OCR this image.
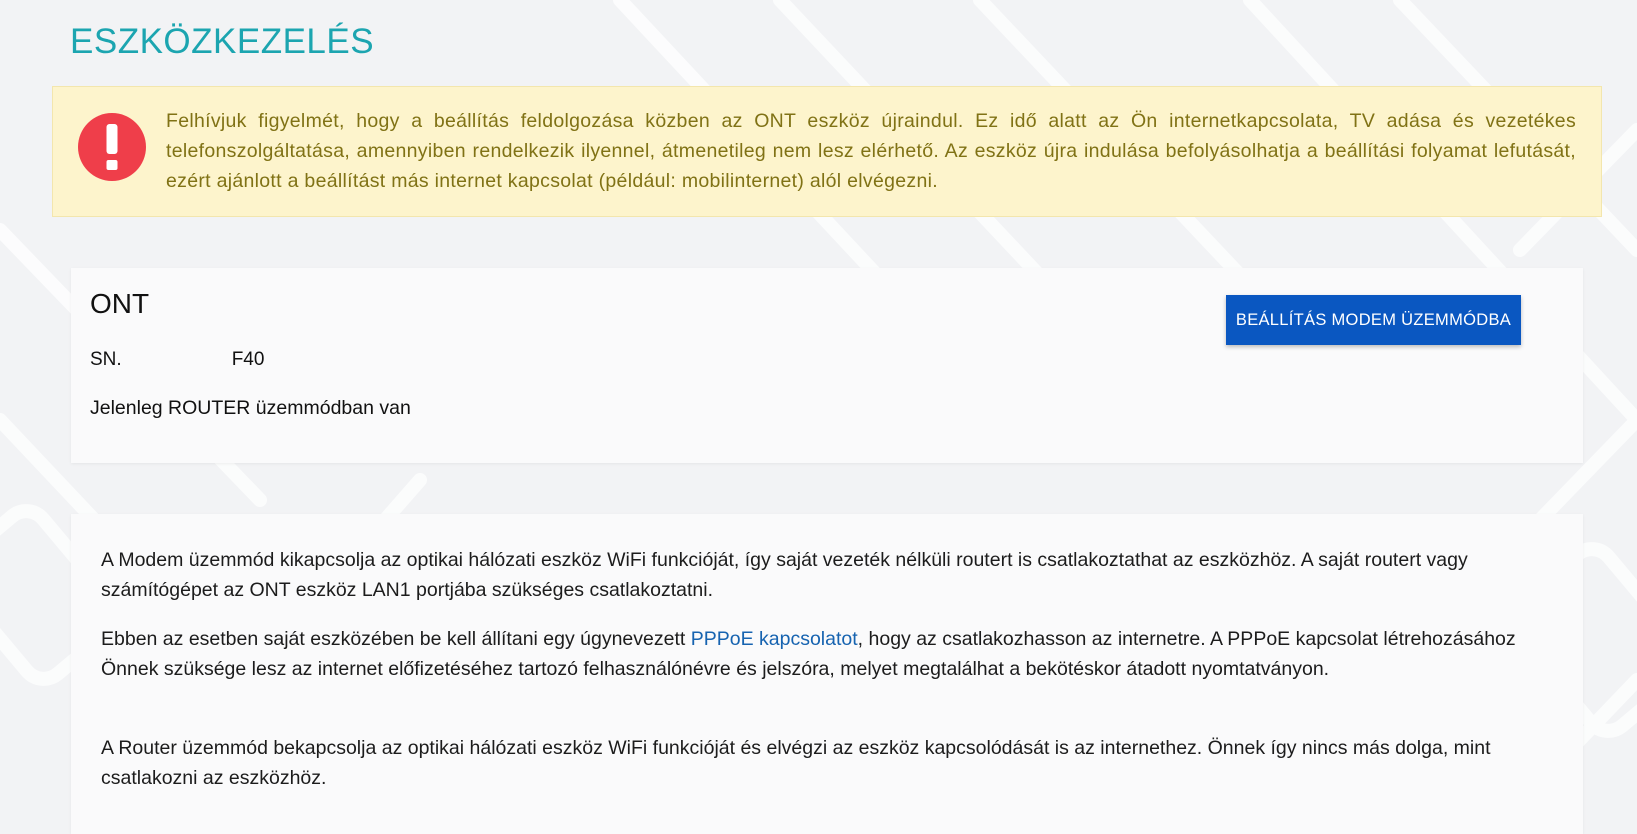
ESZKÖZKEZELÉS

Felhívjuk figyelmét, hogy a beállítás feldolgozása közben az ONT eszköz újraindul. Ez idő alatt az Ön internetkapcsolata, TV adása és vezetékes telefonszolgáltatása, amennyiben rendelkezik ilyennel, átmenetileg nem lesz elérhető. Az eszköz újra indulása befolyásolhatja a beállítási folyamat lefutását, ezért ajánlott a beállítást más internet kapcsolat (például: mobilinternet) alól elvégezni.

ONT

SN.	F40

Jelenleg ROUTER üzemmódban van

BEÁLLÍTÁS MODEM ÜZEMMÓDBA

A Modem üzemmód kikapcsolja az optikai hálózati eszköz WiFi funkcióját, így saját vezeték nélküli routert is csatlakoztathat az eszközhöz. A saját routert vagy számítógépet az ONT eszköz LAN1 portjába szükséges csatlakoztatni.

Ebben az esetben saját eszközében be kell állítani egy úgynevezett PPPoE kapcsolatot, hogy az csatlakozhasson az internetre. A PPPoE kapcsolat létrehozásához Önnek szüksége lesz az internet előfizetéséhez tartozó felhasználónévre és jelszóra, melyet megtalálhat a bekötéskor átadott nyomtatványon.

A Router üzemmód bekapcsolja az optikai hálózati eszköz WiFi funkcióját és elvégzi az eszköz kapcsolódását is az internethez. Önnek így nincs más dolga, mint csatlakozni az eszközhöz.
